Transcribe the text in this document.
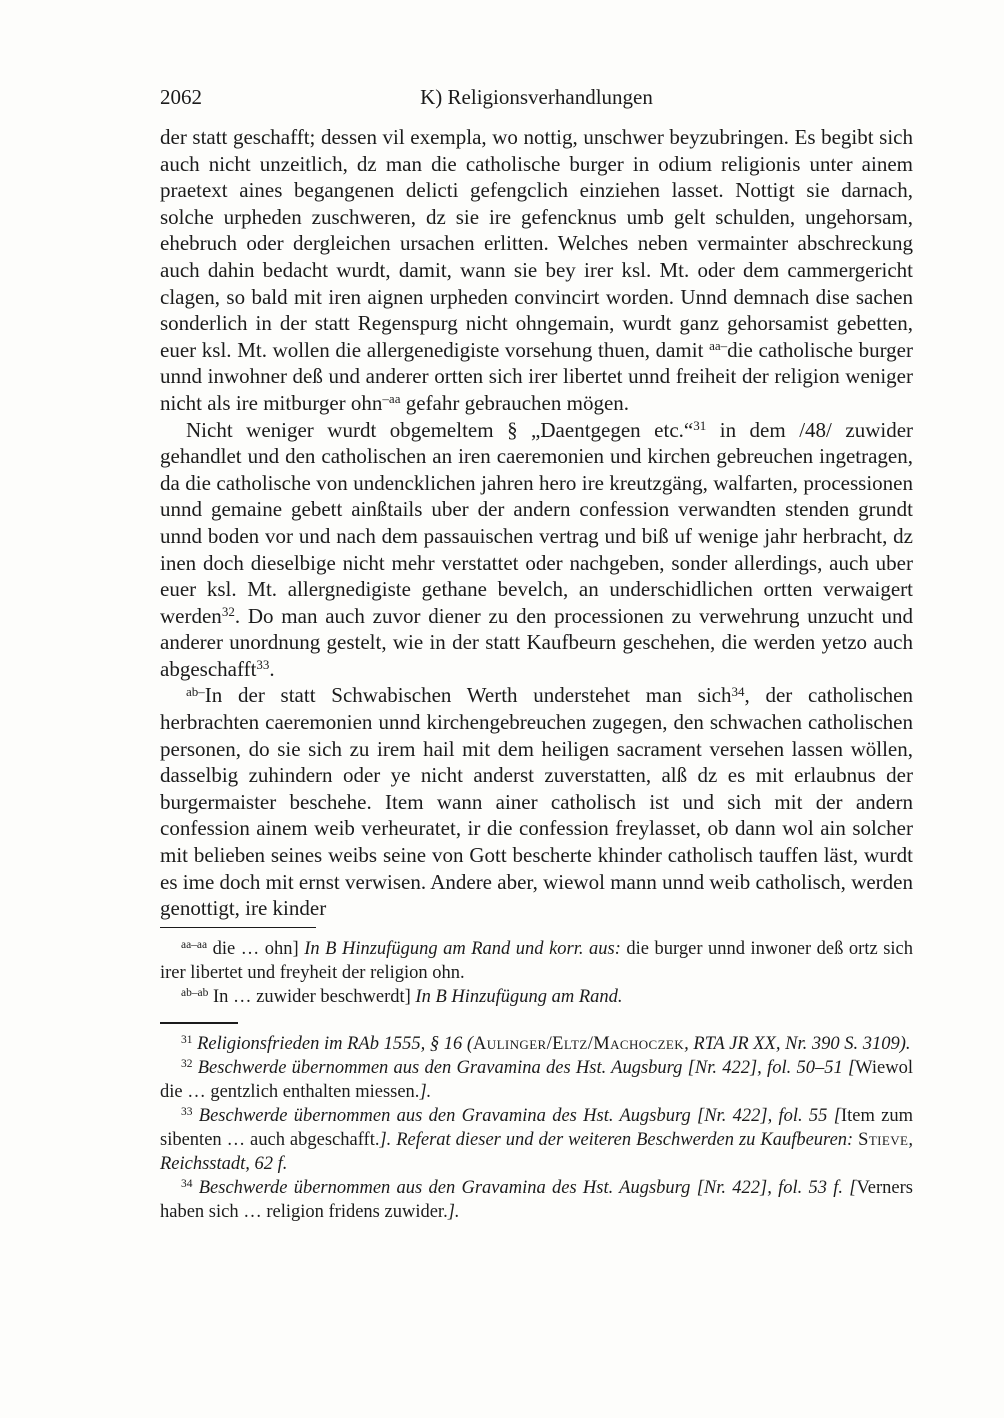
2062	K) Religionsverhandlungen

der statt geschafft; dessen vil exempla, wo nottig, unschwer beyzubringen. Es begibt sich auch nicht unzeitlich, dz man die catholische burger in odium religionis unter ainem praetext aines begangenen delicti gefengclich einziehen lasset. Nottigt sie darnach, solche urpheden zuschweren, dz sie ire gefencknus umb gelt schulden, ungehorsam, ehebruch oder dergleichen ursachen erlitten. Welches neben vermainter abschreckung auch dahin bedacht wurdt, damit, wann sie bey irer ksl. Mt. oder dem cammergericht clagen, so bald mit iren aignen urpheden convincirt worden. Unnd demnach dise sachen sonderlich in der statt Regenspurg nicht ohngemain, wurdt ganz gehorsamist gebetten, euer ksl. Mt. wollen die allergenedigiste vorsehung thuen, damit $^{aa-}$die catholische burger unnd inwohner deß und anderer ortten sich irer libertet unnd freiheit der religion weniger nicht als ire mitburger ohn$^{-aa}$ gefahr gebrauchen mögen.

Nicht weniger wurdt obgemeltem § „Daentgegen etc.“$^{31}$ in dem /48/ zuwider gehandlet und den catholischen an iren caeremonien und kirchen gebreuchen ingetragen, da die catholische von undencklichen jahren hero ire kreutzgäng, walfarten, processionen unnd gemaine gebett ainßtails uber der andern confession verwandten stenden grundt unnd boden vor und nach dem passauischen vertrag und biß uf wenige jahr herbracht, dz inen doch dieselbige nicht mehr verstattet oder nachgeben, sonder allerdings, auch uber euer ksl. Mt. allergnedigiste gethane bevelch, an underschidlichen ortten verwaigert werden$^{32}$. Do man auch zuvor diener zu den processionen zu verwehrung unzucht und anderer unordnung gestelt, wie in der statt Kaufbeurn geschehen, die werden yetzo auch abgeschafft$^{33}$.

$^{ab-}$In der statt Schwabischen Werth understehet man sich$^{34}$, der catholischen herbrachten caeremonien unnd kirchengebreuchen zugegen, den schwachen catholischen personen, do sie sich zu irem hail mit dem heiligen sacrament versehen lassen wöllen, dasselbig zuhindern oder ye nicht anderst zuverstatten, alß dz es mit erlaubnus der burgermaister beschehe. Item wann ainer catholisch ist und sich mit der andern confession ainem weib verheuratet, ir die confession freylasset, ob dann wol ain solcher mit belieben seines weibs seine von Gott bescherte khinder catholisch tauffen läst, wurdt es ime doch mit ernst verwisen. Andere aber, wiewol mann unnd weib catholisch, werden genottigt, ire kinder

$^{aa-aa}$ die … ohn] In B Hinzufügung am Rand und korr. aus: die burger unnd inwoner deß ortz sich irer libertet und freyheit der religion ohn.

$^{ab-ab}$ In … zuwider beschwerdt] In B Hinzufügung am Rand.

$^{31}$ Religionsfrieden im RAb 1555, § 16 (Aulinger/Eltz/Machoczek, RTA JR XX, Nr. 390 S. 3109).

$^{32}$ Beschwerde übernommen aus den Gravamina des Hst. Augsburg [Nr. 422], fol. 50–51 [Wiewol die … gentzlich enthalten miessen.].

$^{33}$ Beschwerde übernommen aus den Gravamina des Hst. Augsburg [Nr. 422], fol. 55 [Item zum sibenten … auch abgeschafft.]. Referat dieser und der weiteren Beschwerden zu Kaufbeuren: Stieve, Reichsstadt, 62 f.

$^{34}$ Beschwerde übernommen aus den Gravamina des Hst. Augsburg [Nr. 422], fol. 53 f. [Verners haben sich … religion fridens zuwider.].
